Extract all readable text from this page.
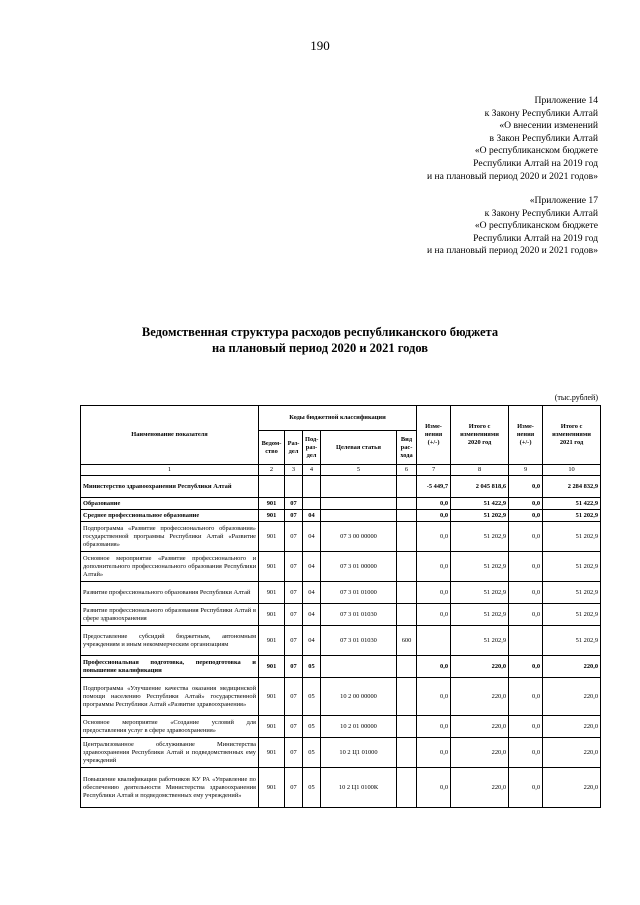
190
Приложение 14
к Закону Республики Алтай
«О внесении изменений
в Закон Республики Алтай
«О республиканском бюджете
Республики Алтай на 2019 год
и на плановый период 2020 и 2021 годов»
«Приложение 17
к Закону Республики Алтай
«О республиканском бюджете
Республики Алтай на 2019 год
и на плановый период 2020 и 2021 годов»
Ведомственная структура расходов республиканского бюджета
на плановый период 2020 и 2021 годов
(тыс.рублей)
Наименование показателя	Коды бюджетной классификации					Изме-нения (+/-)	Итого с изменениями 2020 год	Изме-нения (+/-)	Итого с изменениями 2021 год
	Ведом-ство	Раз-дел	Под-раз-дел	Целевая статья	Вид рас-хода				
1	2	3	4	5	6	7	8	9	10
Министерство здравоохранения Республики Алтай						-5 449,7	2 045 818,6	0,0	2 284 832,9
Образование	901	07				0,0	51 422,9	0,0	51 422,9
Среднее профессиональное образование	901	07	04			0,0	51 202,9	0,0	51 202,9
Подпрограмма «Развитие профессионального образования» государственной программы Республики Алтай «Развитие образования»	901	07	04	07 3 00 00000		0,0	51 202,9	0,0	51 202,9
Основное мероприятие «Развитие профессионального и дополнительного профессионального образования Республики Алтай»	901	07	04	07 3 01 00000		0,0	51 202,9	0,0	51 202,9
Развитие профессионального образования Республики Алтай	901	07	04	07 3 01 01000		0,0	51 202,9	0,0	51 202,9
Развитие профессионального образования Республики Алтай в сфере здравоохранения	901	07	04	07 3 01 01030		0,0	51 202,9	0,0	51 202,9
Предоставление субсидий бюджетным, автономным учреждениям и иным некоммерческим организациям	901	07	04	07 3 01 01030	600		51 202,9		51 202,9
Профессиональная подготовка, переподготовка и повышение квалификации	901	07	05			0,0	220,0	0,0	220,0
Подпрограмма «Улучшение качества оказания медицинской помощи населению Республики Алтай» государственной программы Республики Алтай «Развитие здравоохранения»	901	07	05	10 2 00 00000		0,0	220,0	0,0	220,0
Основное мероприятие «Создание условий для предоставления услуг в сфере здравоохранения»	901	07	05	10 2 01 00000		0,0	220,0	0,0	220,0
Централизованное обслуживание Министерства здравоохранения Республики Алтай и подведомственных ему учреждений	901	07	05	10 2 Ц1 01000		0,0	220,0	0,0	220,0
Повышение квалификации работников КУ РА «Управление по обеспечению деятельности Министерства здравоохранения Республики Алтай и подведомственных ему учреждений»	901	07	05	10 2 Ц1 0100К		0,0	220,0	0,0	220,0
